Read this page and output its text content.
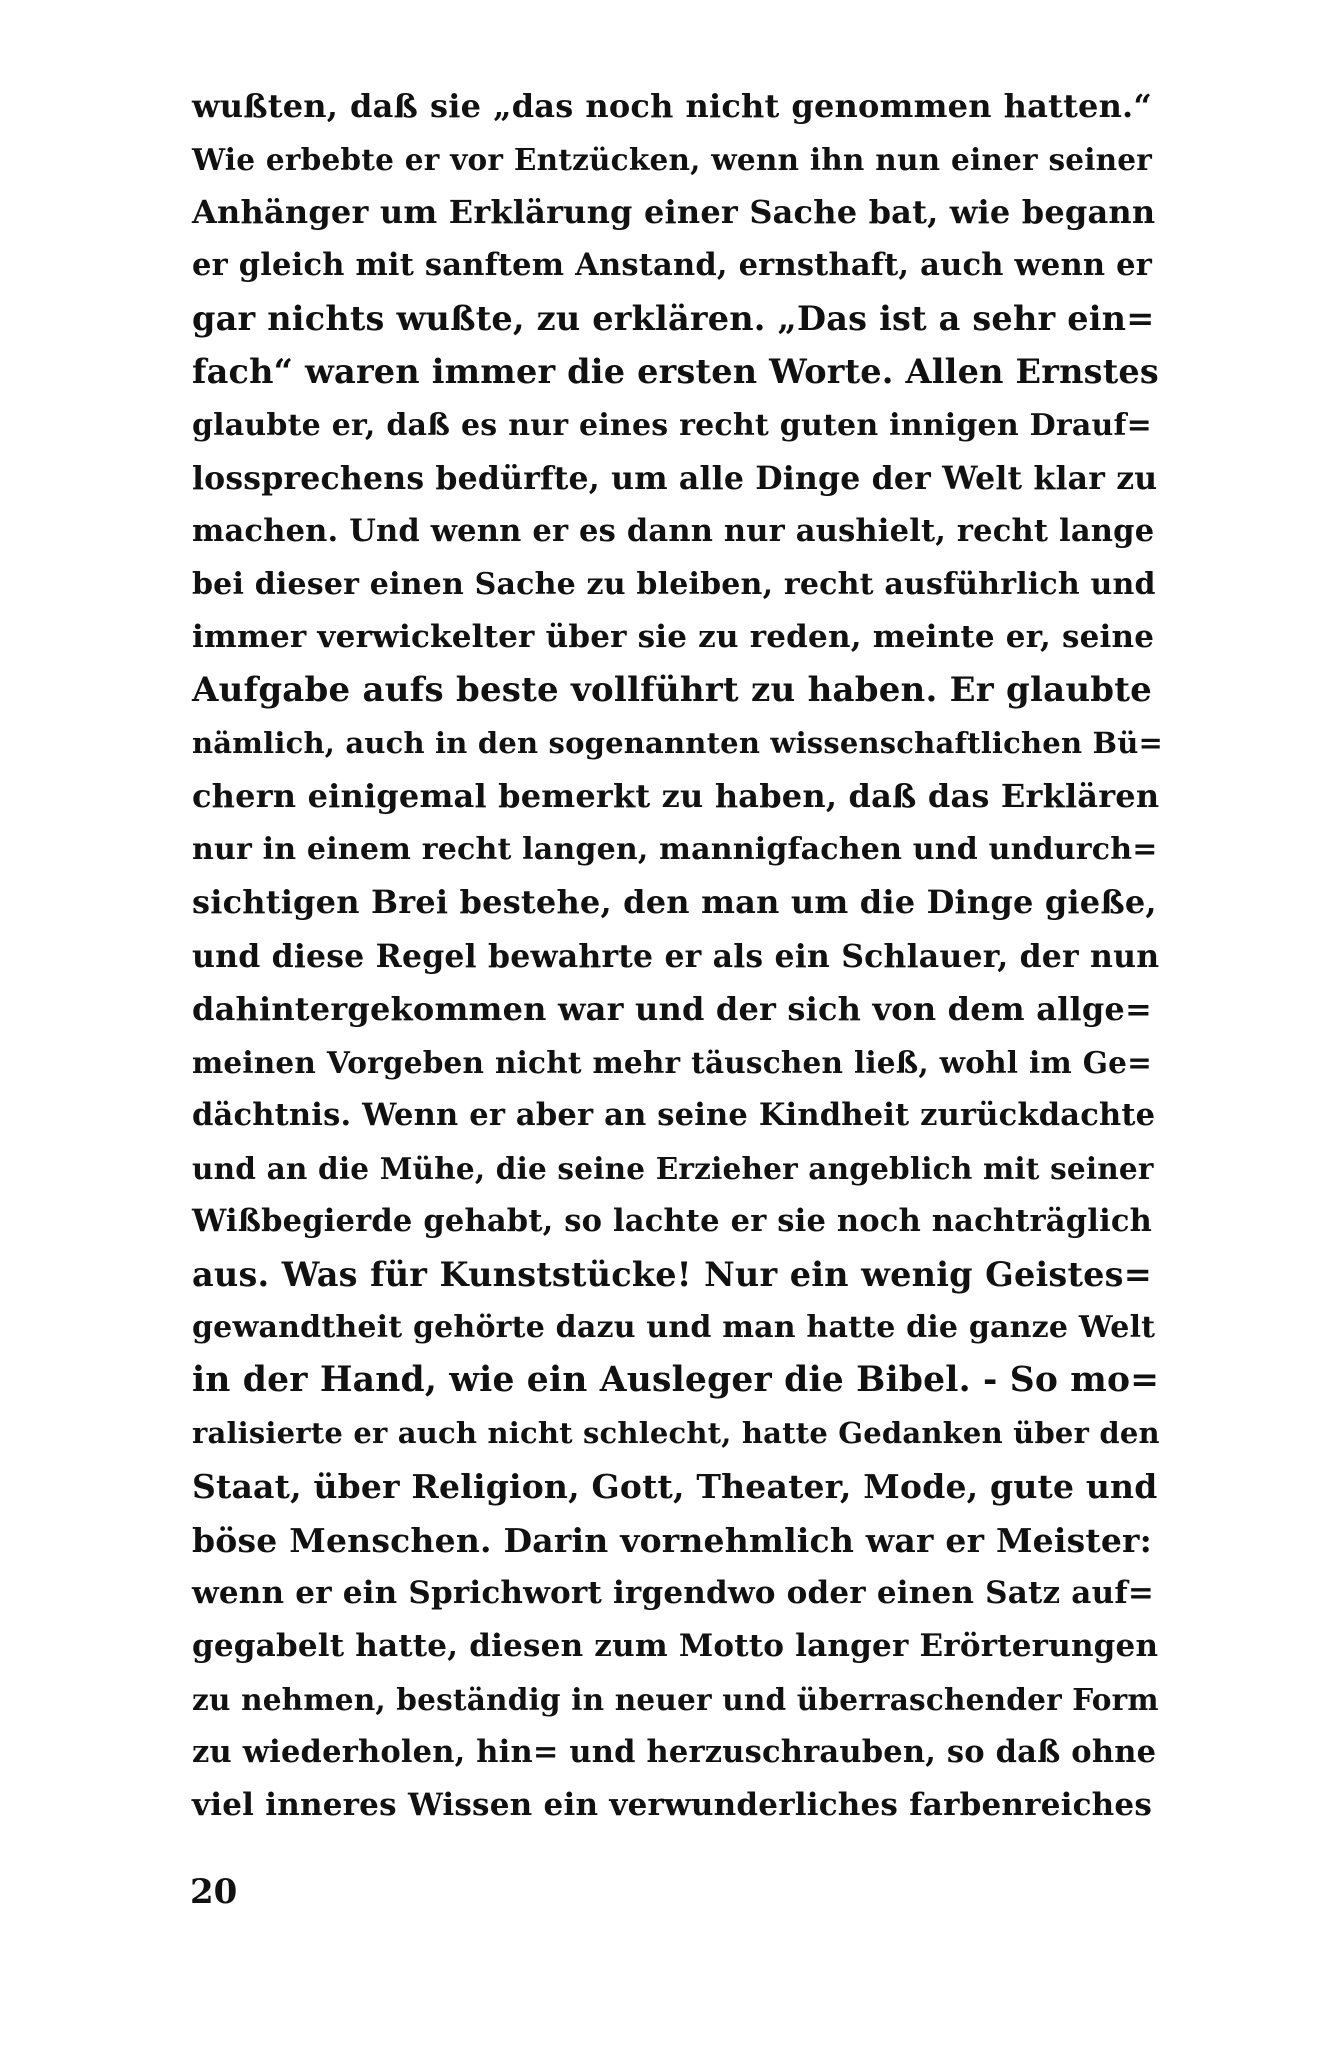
wußten, daß sie „das noch nicht genommen hatten.“
Wie erbebte er vor Entzücken, wenn ihn nun einer seiner
Anhänger um Erklärung einer Sache bat, wie begann
er gleich mit sanftem Anstand, ernsthaft, auch wenn er
gar nichts wußte, zu erklären. „Das ist a sehr ein=
fach“ waren immer die ersten Worte. Allen Ernstes
glaubte er, daß es nur eines recht guten innigen Drauf=
lossprechens bedürfte, um alle Dinge der Welt klar zu
machen. Und wenn er es dann nur aushielt, recht lange
bei dieser einen Sache zu bleiben, recht ausführlich und
immer verwickelter über sie zu reden, meinte er, seine
Aufgabe aufs beste vollführt zu haben. Er glaubte
nämlich, auch in den sogenannten wissenschaftlichen Bü=
chern einigemal bemerkt zu haben, daß das Erklären
nur in einem recht langen, mannigfachen und undurch=
sichtigen Brei bestehe, den man um die Dinge gieße,
und diese Regel bewahrte er als ein Schlauer, der nun
dahintergekommen war und der sich von dem allge=
meinen Vorgeben nicht mehr täuschen ließ, wohl im Ge=
dächtnis. Wenn er aber an seine Kindheit zurückdachte
und an die Mühe, die seine Erzieher angeblich mit seiner
Wißbegierde gehabt, so lachte er sie noch nachträglich
aus. Was für Kunststücke! Nur ein wenig Geistes=
gewandtheit gehörte dazu und man hatte die ganze Welt
in der Hand, wie ein Ausleger die Bibel. - So mo=
ralisierte er auch nicht schlecht, hatte Gedanken über den
Staat, über Religion, Gott, Theater, Mode, gute und
böse Menschen. Darin vornehmlich war er Meister:
wenn er ein Sprichwort irgendwo oder einen Satz auf=
gegabelt hatte, diesen zum Motto langer Erörterungen
zu nehmen, beständig in neuer und überraschender Form
zu wiederholen, hin= und herzuschrauben, so daß ohne
viel inneres Wissen ein verwunderliches farbenreiches
20
